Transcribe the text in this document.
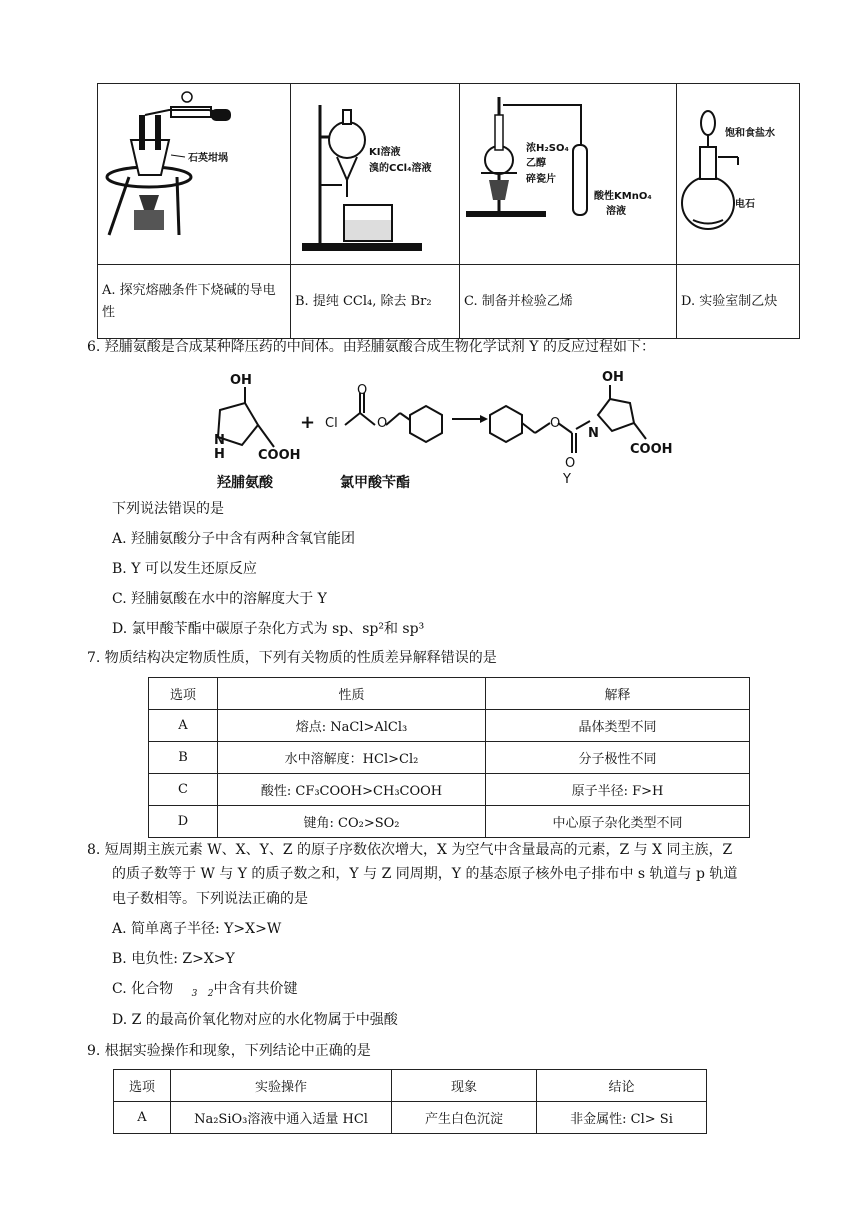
石英坩埚	KI溶液
溴的CCl₄溶液	浓H₂SO₄
乙醇
碎瓷片
酸性KMnO₄
溶液	饱和食盐水
电石

A. 探究熔融条件下烧碱的导电性	B. 提纯 CCl₄, 除去 Br₂	C. 制备并检验乙烯	D. 实验室制乙炔
6. 羟脯氨酸是合成某种降压药的中间体。由羟脯氨酸合成生物化学试剂 Y 的反应过程如下：
OH
N
H	COOH
+ Cl
O
O	O
O
N
OH
COOH
羟脯氨酸	氯甲酸苄酯	Y
下列说法错误的是
A. 羟脯氨酸分子中含有两种含氧官能团
B. Y 可以发生还原反应
C. 羟脯氨酸在水中的溶解度大于 Y
D. 氯甲酸苄酯中碳原子杂化方式为 sp、sp²和 sp³
7. 物质结构决定物质性质，下列有关物质的性质差异解释错误的是
选项	性质	解释
A	熔点: NaCl>AlCl₃	晶体类型不同
B	水中溶解度：HCl>Cl₂	分子极性不同
C	酸性: CF₃COOH>CH₃COOH	原子半径: F>H
D	键角: CO₂>SO₂	中心原子杂化类型不同
8. 短周期主族元素 W、X、Y、Z 的原子序数依次增大，X 为空气中含量最高的元素，Z 与 X 同主族，Z
的质子数等于 W 与 Y 的质子数之和，Y 与 Z 同周期，Y 的基态原子核外电子排布中 s 轨道与 p 轨道
电子数相等。下列说法正确的是
A. 简单离子半径: Y>X>W
B. 电负性: Z>X>Y
C. 化合物 $_3$ $_2$中含有共价键
D. Z 的最高价氧化物对应的水化物属于中强酸
9. 根据实验操作和现象，下列结论中正确的是
选项	实验操作	现象	结论
A	Na₂SiO₃溶液中通入适量 HCl	产生白色沉淀	非金属性: Cl> Si
